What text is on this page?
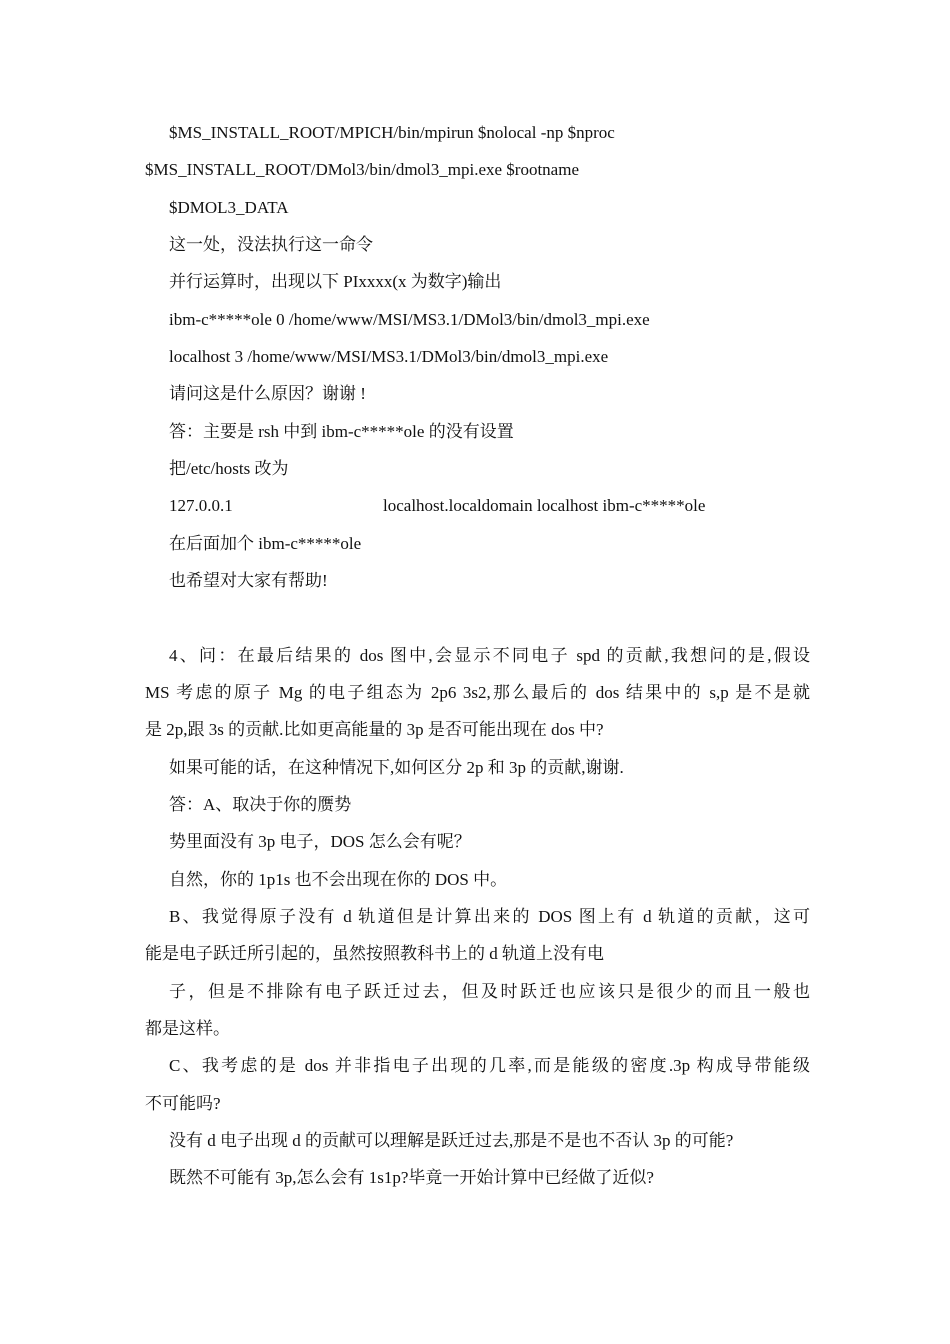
$MS_INSTALL_ROOT/MPICH/bin/mpirun $nolocal -np $nproc
$MS_INSTALL_ROOT/DMol3/bin/dmol3_mpi.exe $rootname
$DMOL3_DATA
这一处，没法执行这一命令
并行运算时，出现以下 PIxxxx(x 为数字)输出
ibm-c*****ole 0 /home/www/MSI/MS3.1/DMol3/bin/dmol3_mpi.exe
localhost 3 /home/www/MSI/MS3.1/DMol3/bin/dmol3_mpi.exe
请问这是什么原因？谢谢 !
答：主要是 rsh 中到 ibm-c*****ole 的没有设置
把/etc/hosts 改为
127.0.0.1	localhost.localdomain localhost ibm-c*****ole
在后面加个 ibm-c*****ole
也希望对大家有帮助!
4、问：在最后结果的 dos 图中,会显示不同电子 spd 的贡献,我想问的是,假设
MS 考虑的原子 Mg 的电子组态为 2p6 3s2,那么最后的 dos 结果中的 s,p 是不是就
是 2p,跟 3s 的贡献.比如更高能量的 3p 是否可能出现在 dos 中?
如果可能的话，在这种情况下,如何区分 2p 和 3p 的贡献,谢谢.
答：A、取决于你的赝势
势里面没有 3p 电子，DOS 怎么会有呢？
自然，你的 1p1s 也不会出现在你的 DOS 中。
B、我觉得原子没有 d 轨道但是计算出来的 DOS 图上有 d 轨道的贡献，这可
能是电子跃迁所引起的，虽然按照教科书上的 d 轨道上没有电
子，但是不排除有电子跃迁过去，但及时跃迁也应该只是很少的而且一般也
都是这样。
C、我考虑的是 dos 并非指电子出现的几率,而是能级的密度.3p 构成导带能级
不可能吗?
没有 d 电子出现 d 的贡献可以理解是跃迁过去,那是不是也不否认 3p 的可能?
既然不可能有 3p,怎么会有 1s1p?毕竟一开始计算中已经做了近似?
